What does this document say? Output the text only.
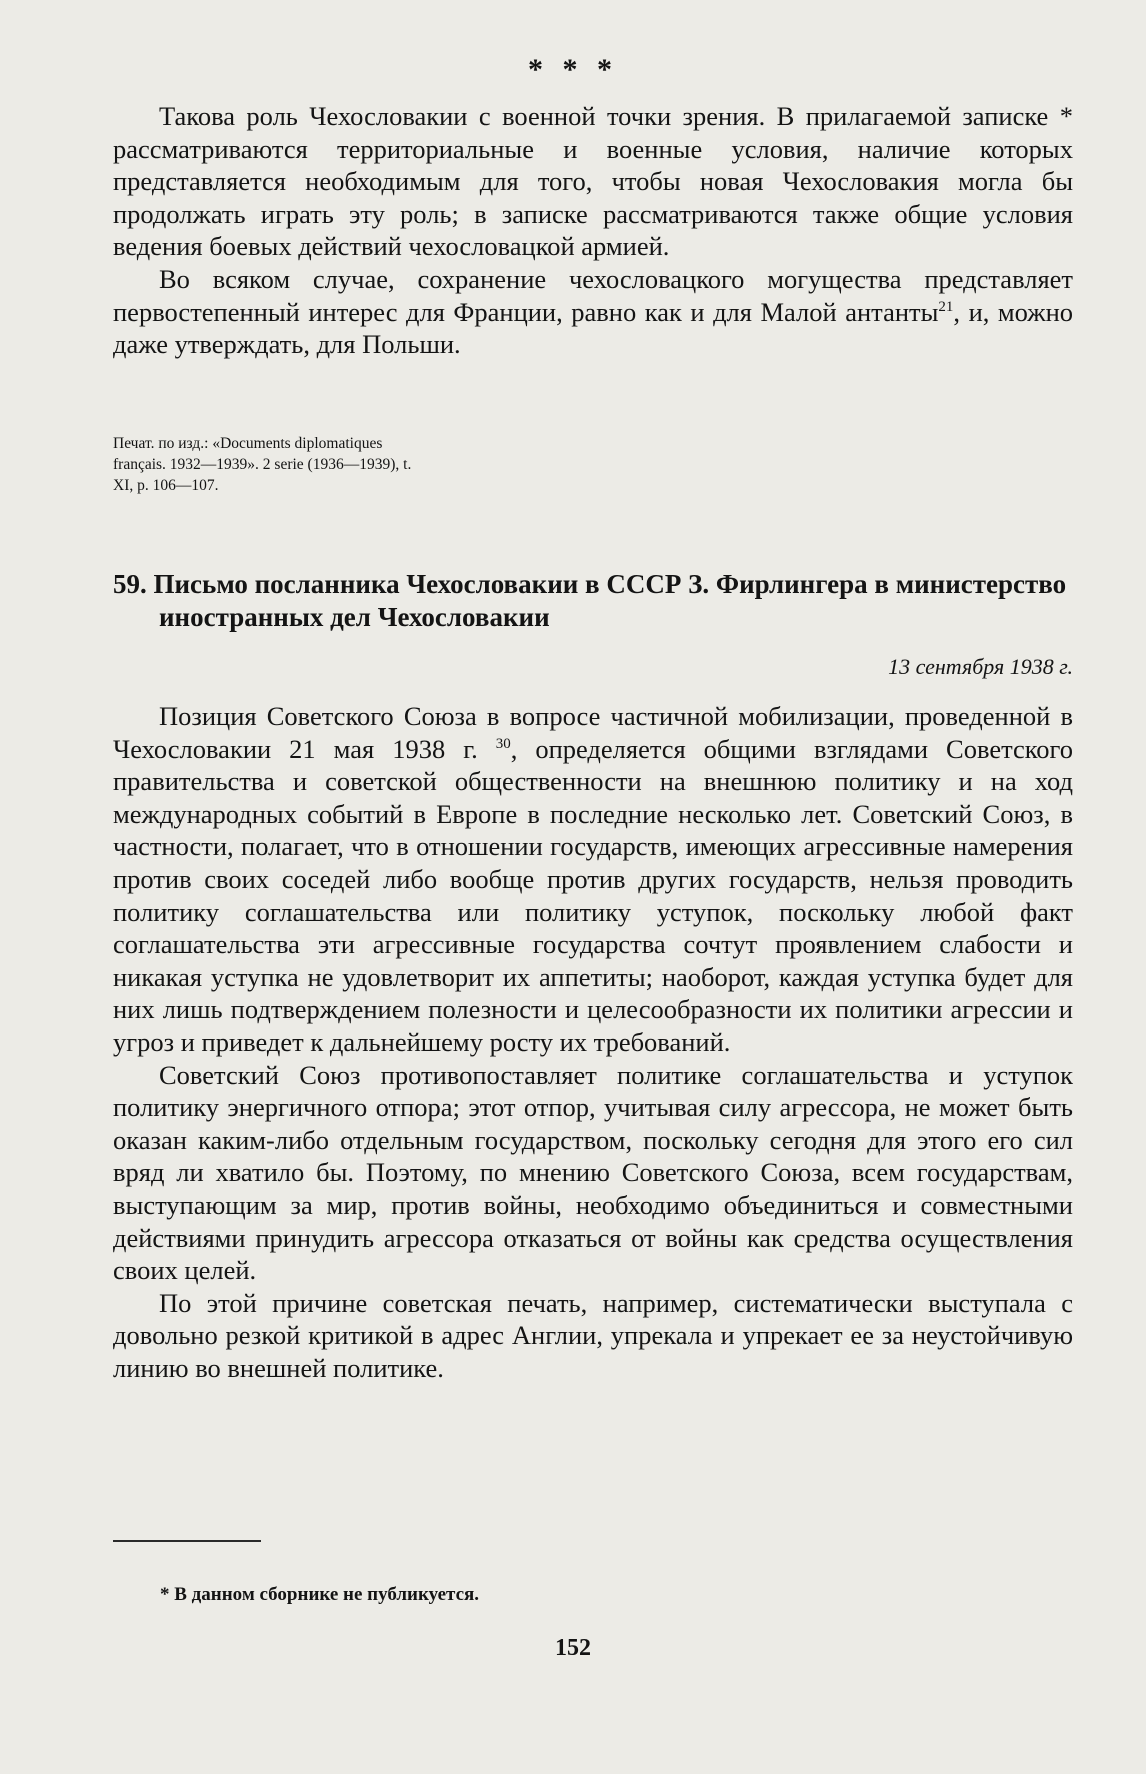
* * *

Такова роль Чехословакии с военной точки зрения. В прилагаемой записке * рассматриваются территориальные и военные условия, наличие которых представляется необходимым для того, чтобы новая Чехословакия могла бы продолжать играть эту роль; в записке рассматриваются также общие условия ведения боевых действий чехословацкой армией.

Во всяком случае, сохранение чехословацкого могущества представляет первостепенный интерес для Франции, равно как и для Малой антанты$^{21}$, и, можно даже утверждать, для Польши.

Печат. по изд.: «Documents diplomatiques français. 1932—1939». 2 serie (1936—1939), t. XI, p. 106—107.

59. Письмо посланника Чехословакии в СССР З. Фирлингера в министерство иностранных дел Чехословакии

13 сентября 1938 г.

Позиция Советского Союза в вопросе частичной мобилизации, проведенной в Чехословакии 21 мая 1938 г. $^{30}$, определяется общими взглядами Советского правительства и советской общественности на внешнюю политику и на ход международных событий в Европе в последние несколько лет. Советский Союз, в частности, полагает, что в отношении государств, имеющих агрессивные намерения против своих соседей либо вообще против других государств, нельзя проводить политику соглашательства или политику уступок, поскольку любой факт соглашательства эти агрессивные государства сочтут проявлением слабости и никакая уступка не удовлетворит их аппетиты; наоборот, каждая уступка будет для них лишь подтверждением полезности и целесообразности их политики агрессии и угроз и приведет к дальнейшему росту их требований.

Советский Союз противопоставляет политике соглашательства и уступок политику энергичного отпора; этот отпор, учитывая силу агрессора, не может быть оказан каким-либо отдельным государством, поскольку сегодня для этого его сил вряд ли хватило бы. Поэтому, по мнению Советского Союза, всем государствам, выступающим за мир, против войны, необходимо объединиться и совместными действиями принудить агрессора отказаться от войны как средства осуществления своих целей.

По этой причине советская печать, например, систематически выступала с довольно резкой критикой в адрес Англии, упрекала и упрекает ее за неустойчивую линию во внешней политике.

* В данном сборнике не публикуется.
152
